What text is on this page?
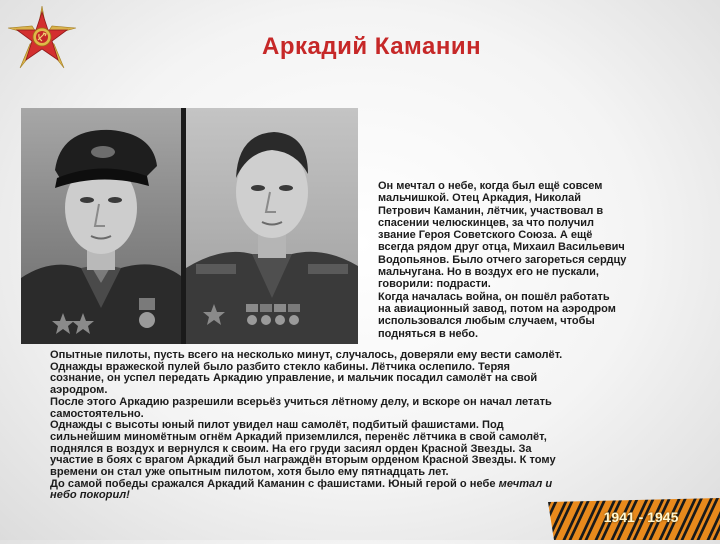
Аркадий Каманин
Он мечтал о небе, когда был ещё совсем
мальчишкой. Отец Аркадия, Николай
Петрович Каманин, лётчик, участвовал в
спасении челюскинцев, за что получил
звание Героя Советского Союза. А ещё
всегда рядом друг отца, Михаил Васильевич
Водопьянов. Было отчего загореться сердцу
мальчугана. Но в воздух его не пускали,
говорили: подрасти.
Когда началась война, он пошёл работать
на авиационный завод, потом на аэродром
использовался любым случаем, чтобы
подняться в небо.
Опытные пилоты, пусть всего на несколько минут, случалось, доверяли ему вести самолёт.
Однажды вражеской пулей было разбито стекло кабины. Лётчика ослепило. Теряя
сознание, он успел передать Аркадию управление, и мальчик посадил самолёт на свой
аэродром.
После этого Аркадию разрешили всерьёз учиться лётному делу, и вскоре он начал летать
самостоятельно.
Однажды с высоты юный пилот увидел наш самолёт, подбитый фашистами. Под
сильнейшим миномётным огнём Аркадий приземлился, перенёс лётчика в свой самолёт,
поднялся в воздух и вернулся к своим. На его груди засиял орден Красной Звезды. За
участие в боях с врагом Аркадий был награждён вторым орденом Красной Звезды. К тому
времени он стал уже опытным пилотом, хотя было ему пятнадцать лет.
До самой победы сражался Аркадий Каманин с фашистами. Юный герой о небе мечтал и
небо покорил!
1941 - 1945
